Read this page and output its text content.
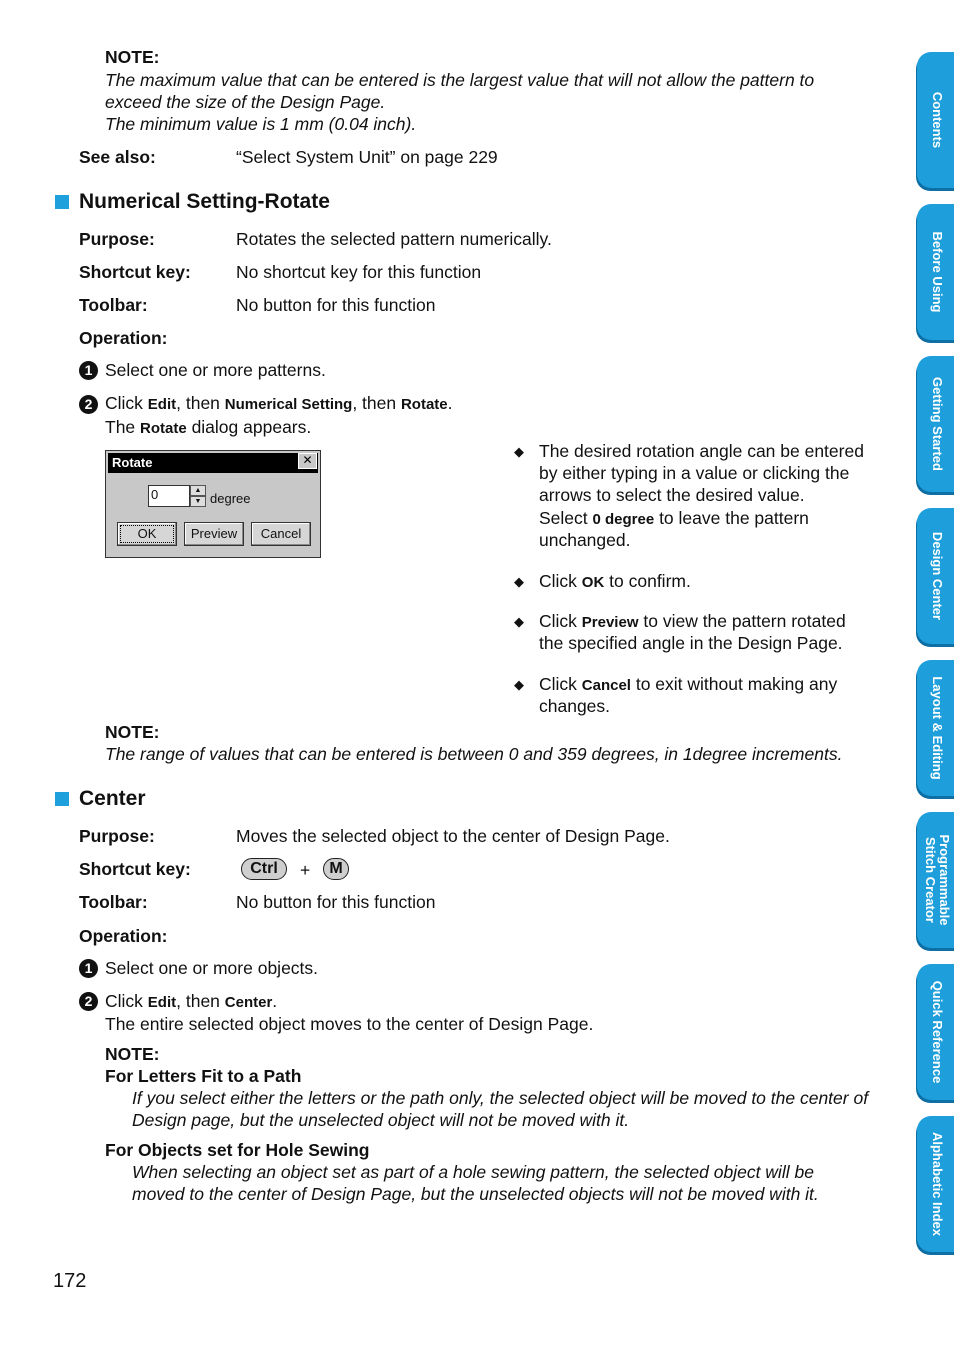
NOTE:
The maximum value that can be entered is the largest value that will not allow the pattern to
exceed the size of the Design Page.
The minimum value is 1 mm (0.04 inch).
See also:	“Select System Unit” on page 229
Numerical Setting-Rotate
Purpose:	Rotates the selected pattern numerically.
Shortcut key:	No shortcut key for this function
Toolbar:	No button for this function
Operation:
1 Select one or more patterns.
2 Click Edit, then Numerical Setting, then Rotate.
The Rotate dialog appears.
Rotate	✕
0	▲
▼ degree
OK	Preview	Cancel
◆ The desired rotation angle can be entered
by either typing in a value or clicking the
arrows to select the desired value.
Select 0 degree to leave the pattern
unchanged.
◆ Click OK to confirm.
◆ Click Preview to view the pattern rotated
the specified angle in the Design Page.
◆ Click Cancel to exit without making any
changes.
NOTE:
The range of values that can be entered is between 0 and 359 degrees, in 1degree increments.
Center
Purpose:	Moves the selected object to the center of Design Page.
Shortcut key:	Ctrl	+	M
Toolbar:	No button for this function
Operation:
1 Select one or more objects.
2 Click Edit, then Center.
The entire selected object moves to the center of Design Page.
NOTE:
For Letters Fit to a Path
If you select either the letters or the path only, the selected object will be moved to the center of
Design page, but the unselected object will not be moved with it.
For Objects set for Hole Sewing
When selecting an object set as part of a hole sewing pattern, the selected object will be
moved to the center of Design Page, but the unselected objects will not be moved with it.
172
Contents
Before Using
Getting Started
Design Center
Layout & Editing
Programmable Stitch Creator
Quick Reference
Alphabetic Index
